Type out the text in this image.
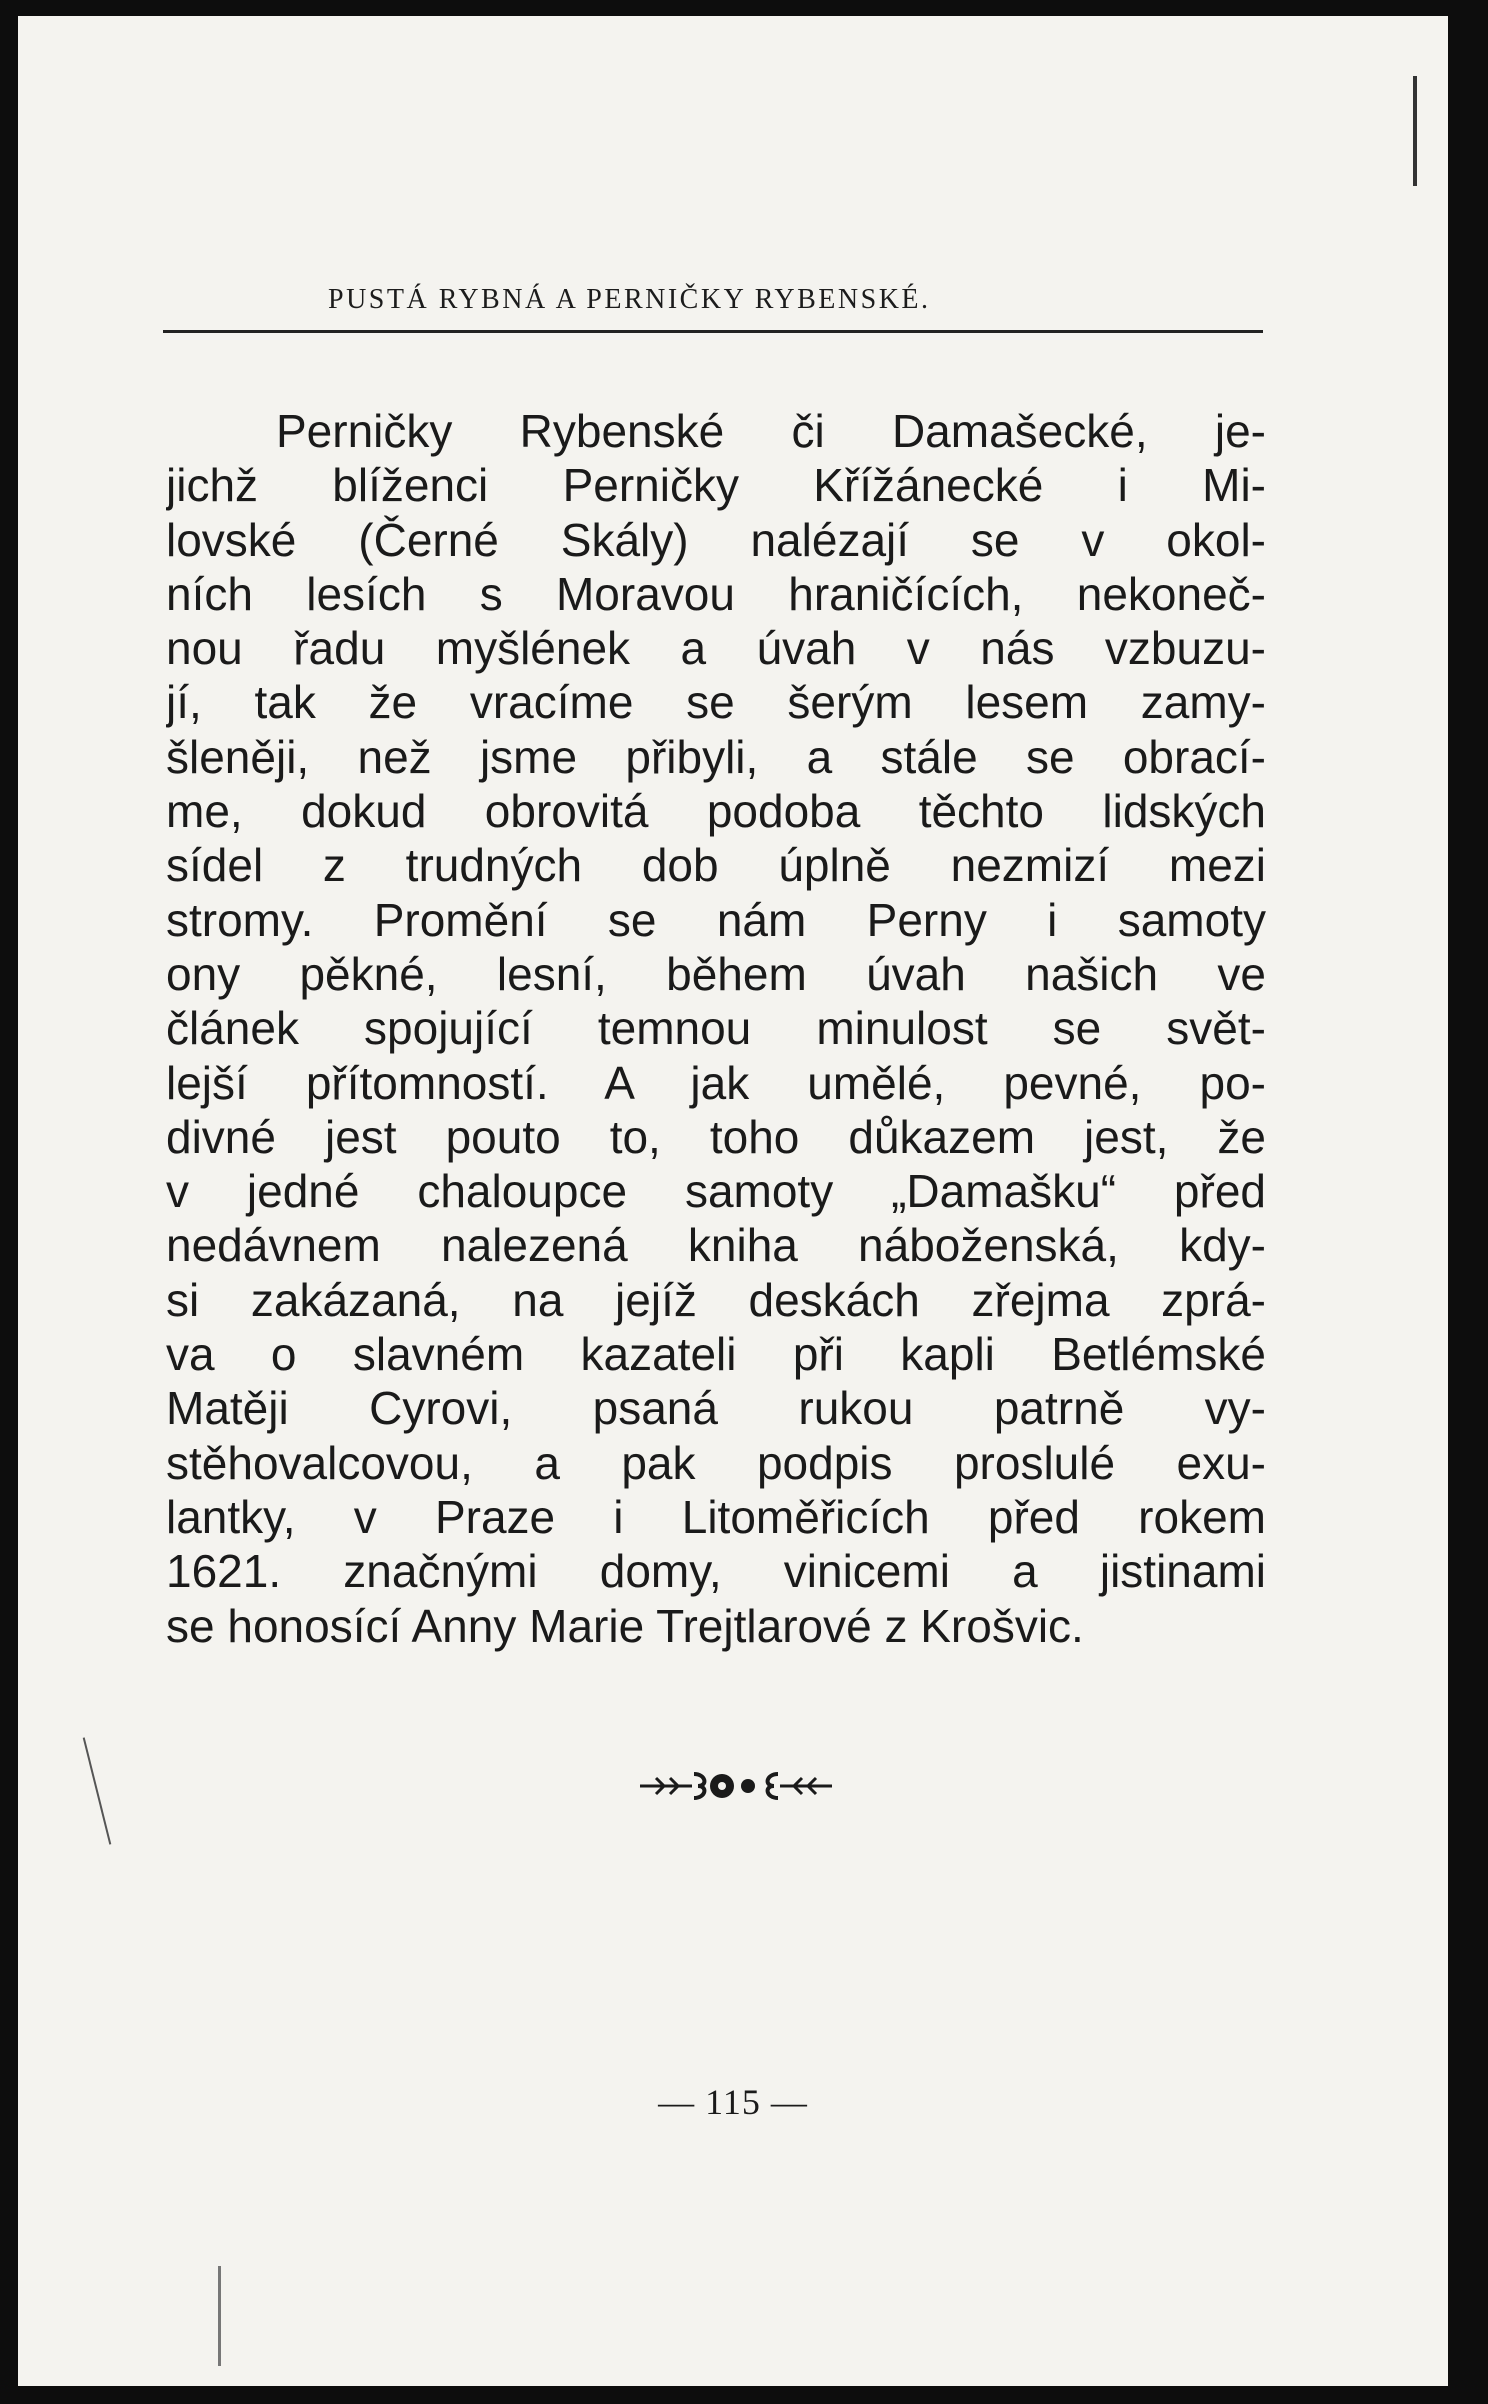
PUSTÁ RYBNÁ A PERNIČKY RYBENSKÉ.
Perničky Rybenské či Damašecké, je-
jichž blíženci Perničky Křížánecké i Mi-
lovské (Černé Skály) nalézají se v okol-
ních lesích s Moravou hraničících, nekoneč-
nou řadu myšlének a úvah v nás vzbuzu-
jí, tak že vracíme se šerým lesem zamy-
šleněji, než jsme přibyli, a stále se obrací-
me, dokud obrovitá podoba těchto lidských
sídel z trudných dob úplně nezmizí mezi
stromy. Promění se nám Perny i samoty
ony pěkné, lesní, během úvah našich ve
článek spojující temnou minulost se svět-
lejší přítomností. A jak umělé, pevné, po-
divné jest pouto to, toho důkazem jest, že
v jedné chaloupce samoty „Damašku“ před
nedávnem nalezená kniha náboženská, kdy-
si zakázaná, na jejíž deskách zřejma zprá-
va o slavném kazateli při kapli Betlémské
Matěji Cyrovi, psaná rukou patrně vy-
stěhovalcovou, a pak podpis proslulé exu-
lantky, v Praze i Litoměřicích před rokem
1621. značnými domy, vinicemi a jistinami
se honosící Anny Marie Trejtlarové z Krošvic.
— 115 —
